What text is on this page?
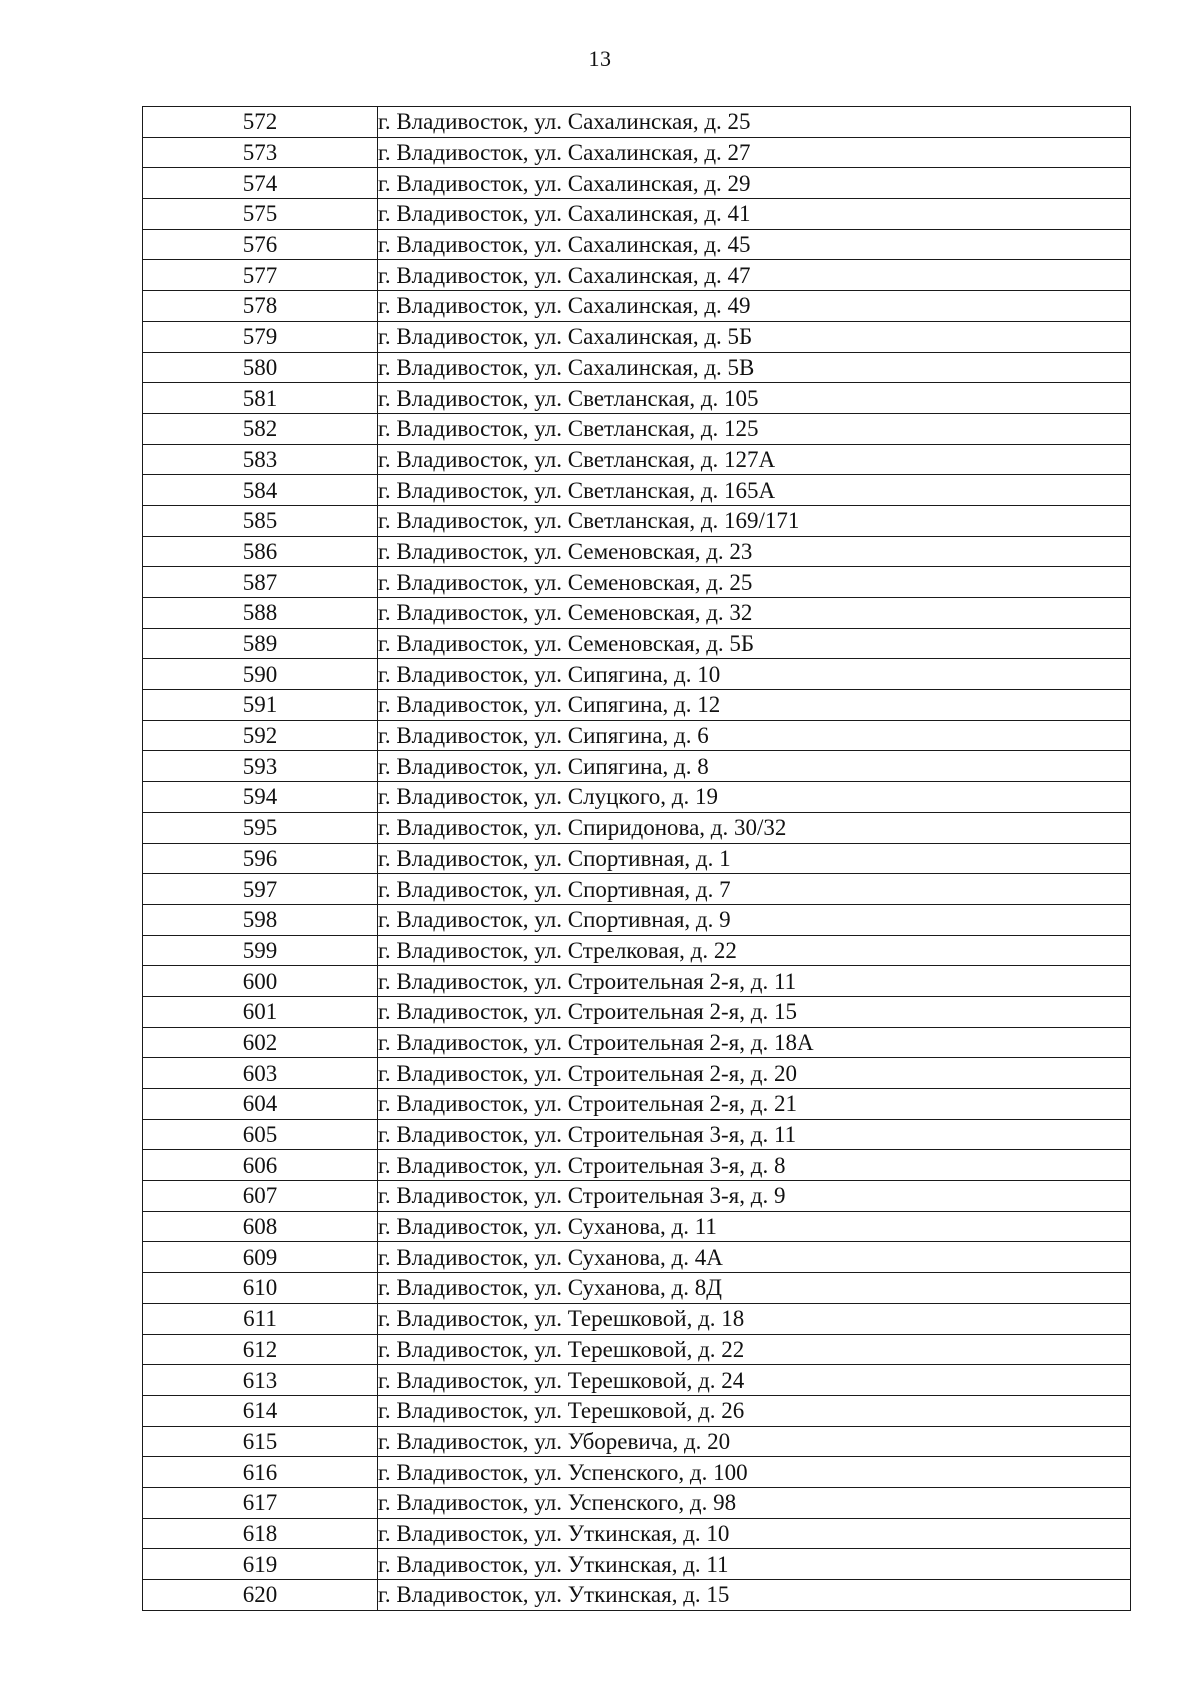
13
572	г. Владивосток, ул. Сахалинская, д. 25
573	г. Владивосток, ул. Сахалинская, д. 27
574	г. Владивосток, ул. Сахалинская, д. 29
575	г. Владивосток, ул. Сахалинская, д. 41
576	г. Владивосток, ул. Сахалинская, д. 45
577	г. Владивосток, ул. Сахалинская, д. 47
578	г. Владивосток, ул. Сахалинская, д. 49
579	г. Владивосток, ул. Сахалинская, д. 5Б
580	г. Владивосток, ул. Сахалинская, д. 5В
581	г. Владивосток, ул. Светланская, д. 105
582	г. Владивосток, ул. Светланская, д. 125
583	г. Владивосток, ул. Светланская, д. 127А
584	г. Владивосток, ул. Светланская, д. 165А
585	г. Владивосток, ул. Светланская, д. 169/171
586	г. Владивосток, ул. Семеновская, д. 23
587	г. Владивосток, ул. Семеновская, д. 25
588	г. Владивосток, ул. Семеновская, д. 32
589	г. Владивосток, ул. Семеновская, д. 5Б
590	г. Владивосток, ул. Сипягина, д. 10
591	г. Владивосток, ул. Сипягина, д. 12
592	г. Владивосток, ул. Сипягина, д. 6
593	г. Владивосток, ул. Сипягина, д. 8
594	г. Владивосток, ул. Слуцкого, д. 19
595	г. Владивосток, ул. Спиридонова, д. 30/32
596	г. Владивосток, ул. Спортивная, д. 1
597	г. Владивосток, ул. Спортивная, д. 7
598	г. Владивосток, ул. Спортивная, д. 9
599	г. Владивосток, ул. Стрелковая, д. 22
600	г. Владивосток, ул. Строительная 2-я, д. 11
601	г. Владивосток, ул. Строительная 2-я, д. 15
602	г. Владивосток, ул. Строительная 2-я, д. 18А
603	г. Владивосток, ул. Строительная 2-я, д. 20
604	г. Владивосток, ул. Строительная 2-я, д. 21
605	г. Владивосток, ул. Строительная 3-я, д. 11
606	г. Владивосток, ул. Строительная 3-я, д. 8
607	г. Владивосток, ул. Строительная 3-я, д. 9
608	г. Владивосток, ул. Суханова, д. 11
609	г. Владивосток, ул. Суханова, д. 4А
610	г. Владивосток, ул. Суханова, д. 8Д
611	г. Владивосток, ул. Терешковой, д. 18
612	г. Владивосток, ул. Терешковой, д. 22
613	г. Владивосток, ул. Терешковой, д. 24
614	г. Владивосток, ул. Терешковой, д. 26
615	г. Владивосток, ул. Уборевича, д. 20
616	г. Владивосток, ул. Успенского, д. 100
617	г. Владивосток, ул. Успенского, д. 98
618	г. Владивосток, ул. Уткинская, д. 10
619	г. Владивосток, ул. Уткинская, д. 11
620	г. Владивосток, ул. Уткинская, д. 15
